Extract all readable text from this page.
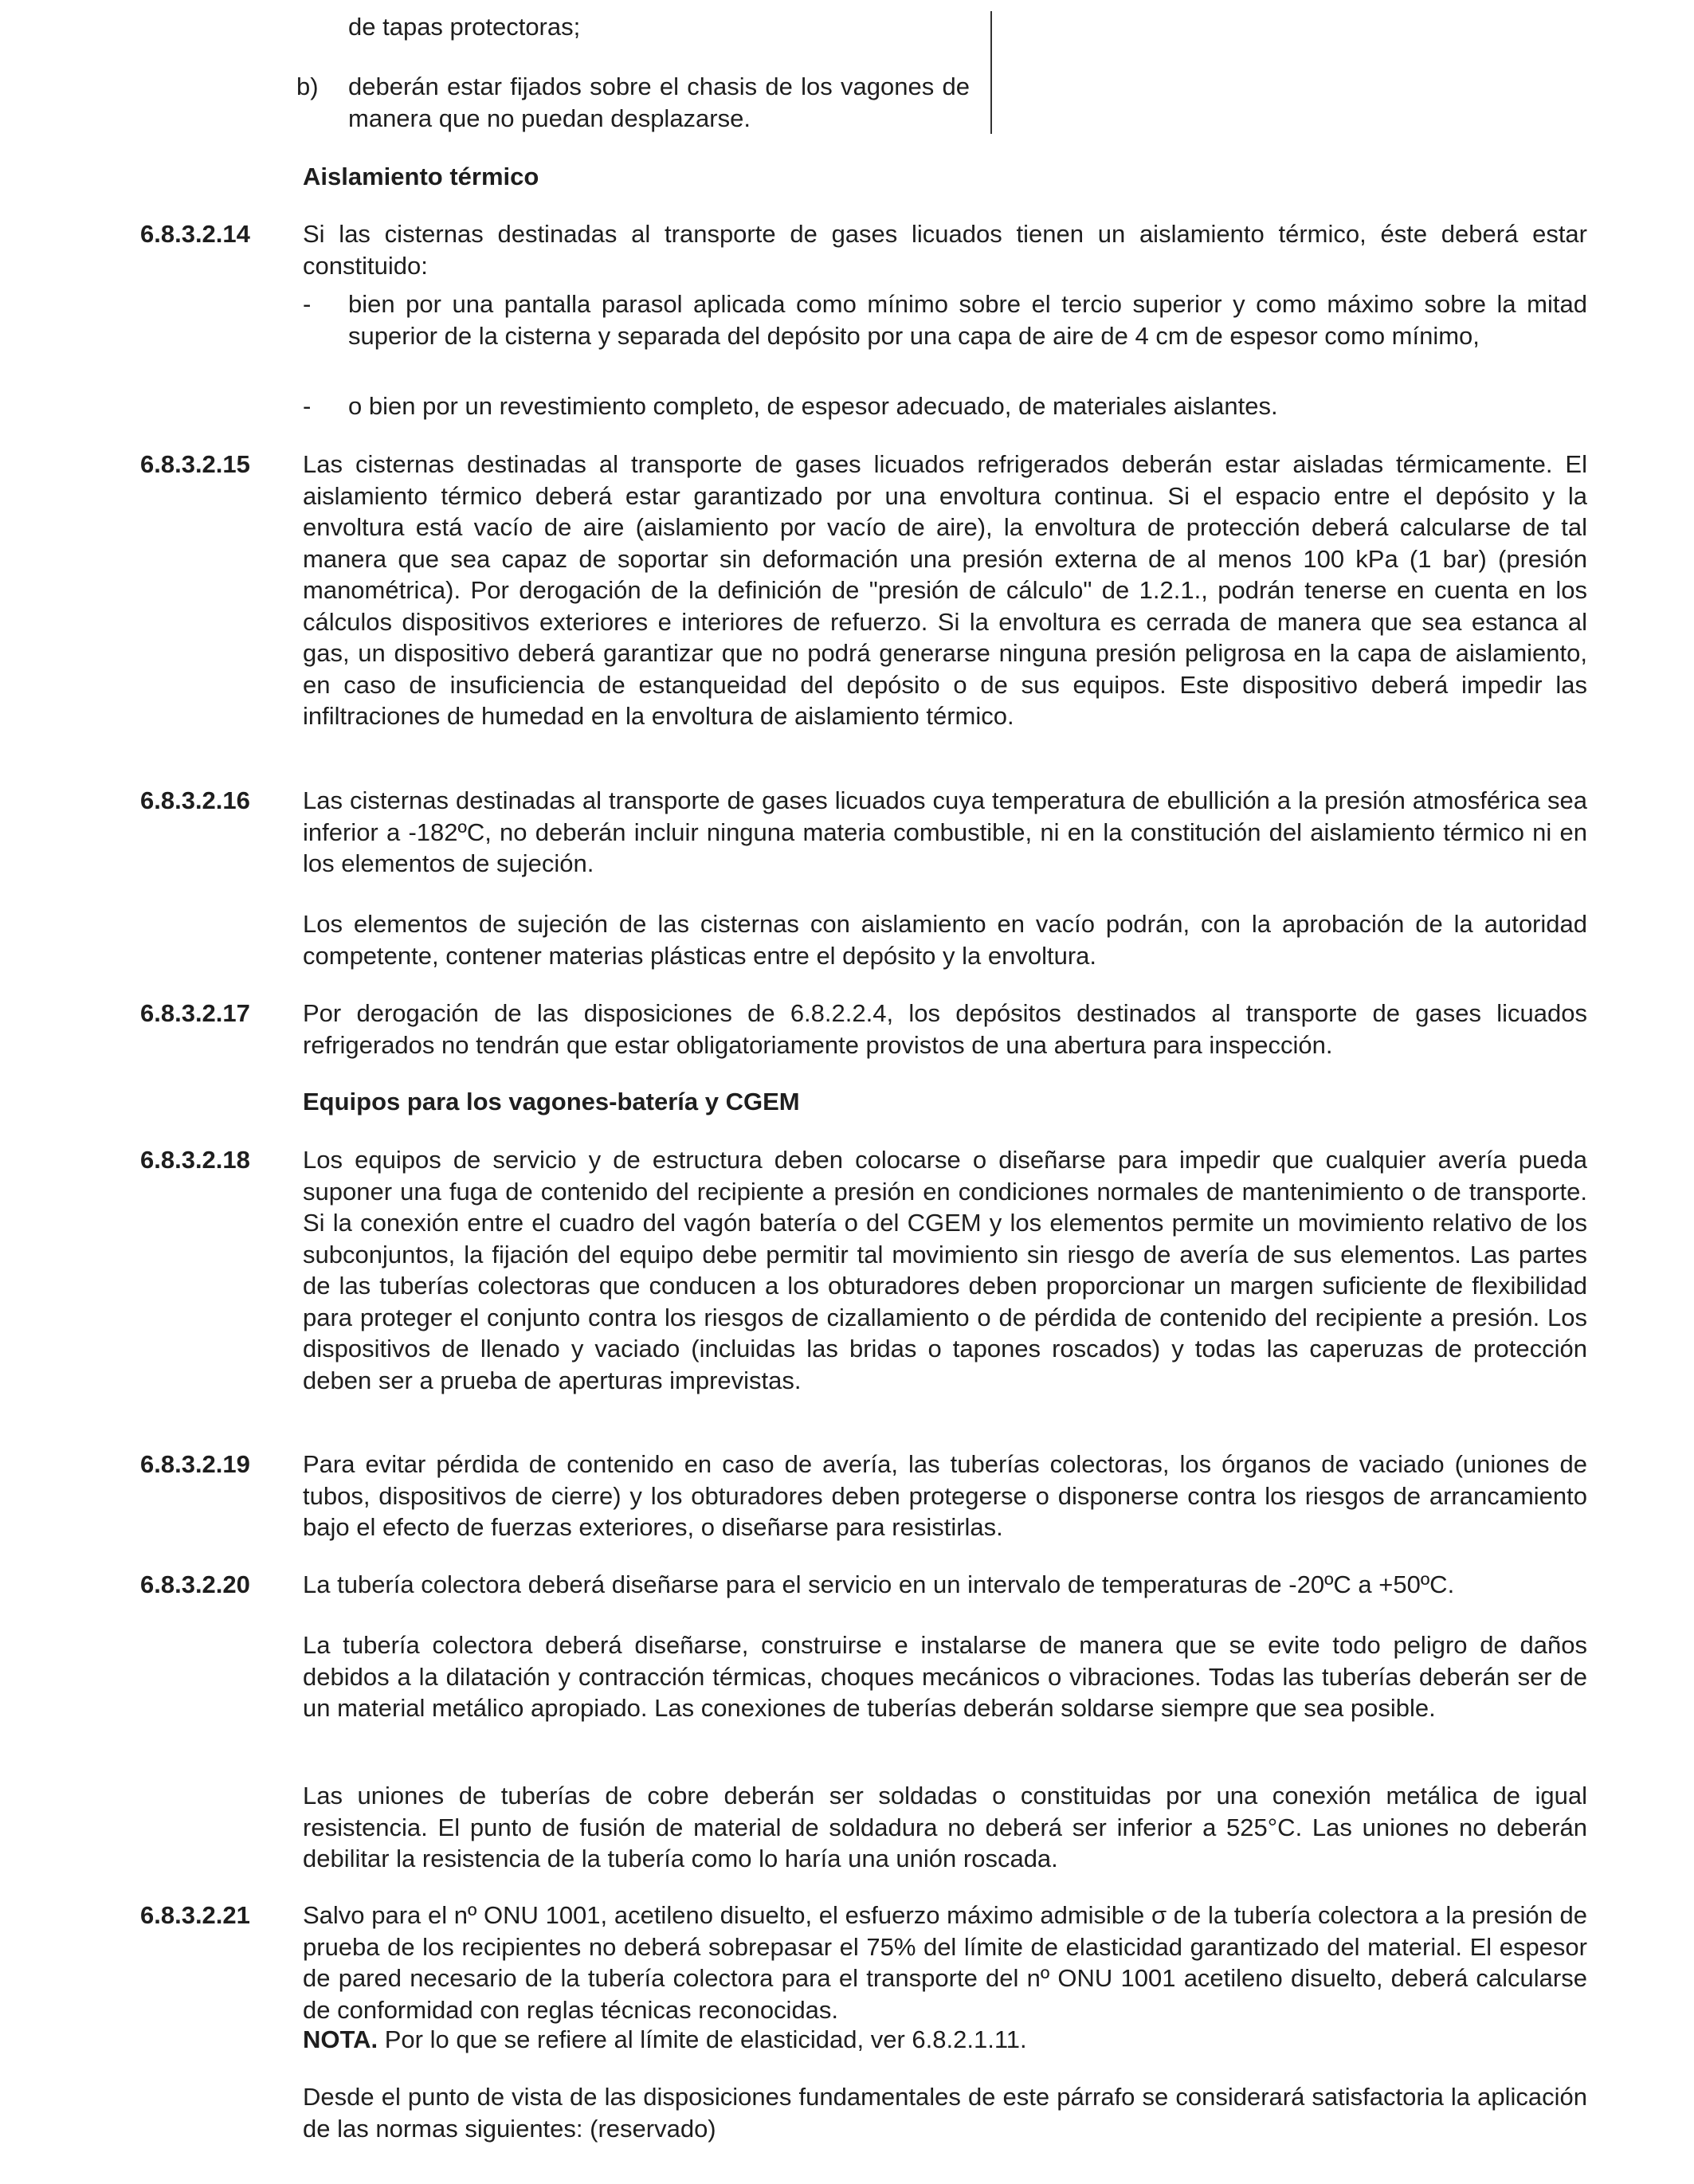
de tapas protectoras;
b) deberán estar fijados sobre el chasis de los vagones de manera que no puedan desplazarse.
Aislamiento térmico
6.8.3.2.14 Si las cisternas destinadas al transporte de gases licuados tienen un aislamiento térmico, éste deberá estar constituido:
- bien por una pantalla parasol aplicada como mínimo sobre el tercio superior y como máximo sobre la mitad superior de la cisterna y separada del depósito por una capa de aire de 4 cm de espesor como mínimo,
- o bien por un revestimiento completo, de espesor adecuado, de materiales aislantes.
6.8.3.2.15 Las cisternas destinadas al transporte de gases licuados refrigerados deberán estar aisladas térmicamente. El aislamiento térmico deberá estar garantizado por una envoltura continua. Si el espacio entre el depósito y la envoltura está vacío de aire (aislamiento por vacío de aire), la envoltura de protección deberá calcularse de tal manera que sea capaz de soportar sin deformación una presión externa de al menos 100 kPa (1 bar) (presión manométrica). Por derogación de la definición de "presión de cálculo" de 1.2.1., podrán tenerse en cuenta en los cálculos dispositivos exteriores e interiores de refuerzo. Si la envoltura es cerrada de manera que sea estanca al gas, un dispositivo deberá garantizar que no podrá generarse ninguna presión peligrosa en la capa de aislamiento, en caso de insuficiencia de estanqueidad del depósito o de sus equipos. Este dispositivo deberá impedir las infiltraciones de humedad en la envoltura de aislamiento térmico.
6.8.3.2.16 Las cisternas destinadas al transporte de gases licuados cuya temperatura de ebullición a la presión atmosférica sea inferior a -182ºC, no deberán incluir ninguna materia combustible, ni en la constitución del aislamiento térmico ni en los elementos de sujeción.
Los elementos de sujeción de las cisternas con aislamiento en vacío podrán, con la aprobación de la autoridad competente, contener materias plásticas entre el depósito y la envoltura.
6.8.3.2.17 Por derogación de las disposiciones de 6.8.2.2.4, los depósitos destinados al transporte de gases licuados refrigerados no tendrán que estar obligatoriamente provistos de una abertura para inspección.
Equipos para los vagones-batería y CGEM
6.8.3.2.18 Los equipos de servicio y de estructura deben colocarse o diseñarse para impedir que cualquier avería pueda suponer una fuga de contenido del recipiente a presión en condiciones normales de mantenimiento o de transporte. Si la conexión entre el cuadro del vagón batería o del CGEM y los elementos permite un movimiento relativo de los subconjuntos, la fijación del equipo debe permitir tal movimiento sin riesgo de avería de sus elementos. Las partes de las tuberías colectoras que conducen a los obturadores deben proporcionar un margen suficiente de flexibilidad para proteger el conjunto contra los riesgos de cizallamiento o de pérdida de contenido del recipiente a presión. Los dispositivos de llenado y vaciado (incluidas las bridas o tapones roscados) y todas las caperuzas de protección deben ser a prueba de aperturas imprevistas.
6.8.3.2.19 Para evitar pérdida de contenido en caso de avería, las tuberías colectoras, los órganos de vaciado (uniones de tubos, dispositivos de cierre) y los obturadores deben protegerse o disponerse contra los riesgos de arrancamiento bajo el efecto de fuerzas exteriores, o diseñarse para resistirlas.
6.8.3.2.20 La tubería colectora deberá diseñarse para el servicio en un intervalo de temperaturas de -20ºC a +50ºC.
La tubería colectora deberá diseñarse, construirse e instalarse de manera que se evite todo peligro de daños debidos a la dilatación y contracción térmicas, choques mecánicos o vibraciones. Todas las tuberías deberán ser de un material metálico apropiado. Las conexiones de tuberías deberán soldarse siempre que sea posible.
Las uniones de tuberías de cobre deberán ser soldadas o constituidas por una conexión metálica de igual resistencia. El punto de fusión de material de soldadura no deberá ser inferior a 525°C. Las uniones no deberán debilitar la resistencia de la tubería como lo haría una unión roscada.
6.8.3.2.21 Salvo para el nº ONU 1001, acetileno disuelto, el esfuerzo máximo admisible σ de la tubería colectora a la presión de prueba de los recipientes no deberá sobrepasar el 75% del límite de elasticidad garantizado del material. El espesor de pared necesario de la tubería colectora para el transporte del nº ONU 1001 acetileno disuelto, deberá calcularse de conformidad con reglas técnicas reconocidas.
NOTA. Por lo que se refiere al límite de elasticidad, ver 6.8.2.1.11.
Desde el punto de vista de las disposiciones fundamentales de este párrafo se considerará satisfactoria la aplicación de las normas siguientes: (reservado)
